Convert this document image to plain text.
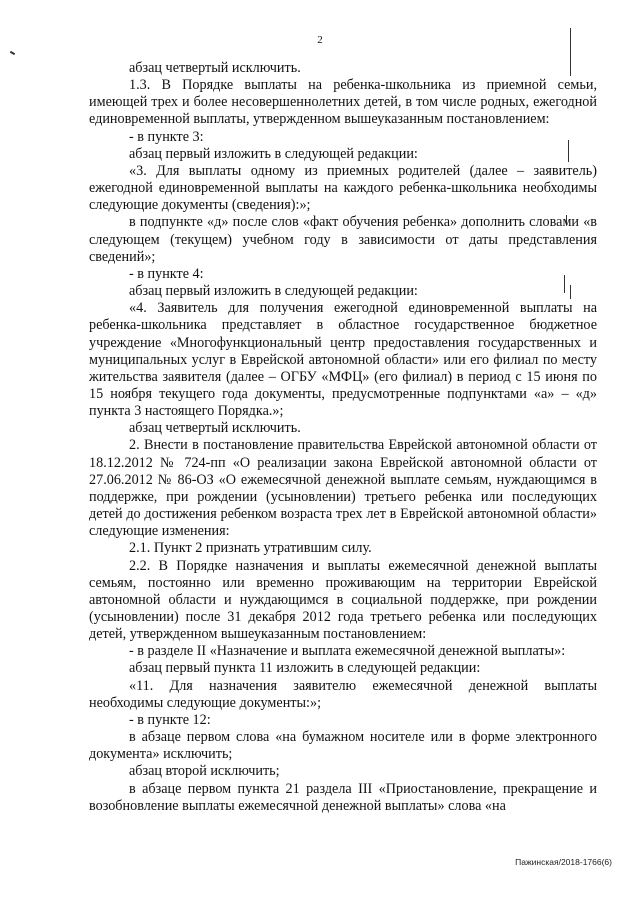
2

абзац четвертый исключить.

1.3. В Порядке выплаты на ребенка-школьника из приемной семьи, имеющей трех и более несовершеннолетних детей, в том числе родных, ежегодной единовременной выплаты, утвержденном вышеуказанным постановлением:

- в пункте 3:

абзац первый изложить в следующей редакции:

«3. Для выплаты одному из приемных родителей (далее – заявитель) ежегодной единовременной выплаты на каждого ребенка-школьника необходимы следующие документы (сведения):»;

в подпункте «д» после слов «факт обучения ребенка» дополнить словами «в следующем (текущем) учебном году в зависимости от даты представления сведений»;

- в пункте 4:

абзац первый изложить в следующей редакции:

«4. Заявитель для получения ежегодной единовременной выплаты на ребенка-школьника представляет в областное государственное бюджетное учреждение «Многофункциональный центр предоставления государственных и муниципальных услуг в Еврейской автономной области» или его филиал по месту жительства заявителя (далее – ОГБУ «МФЦ» (его филиал) в период с 15 июня по 15 ноября текущего года документы, предусмотренные подпунктами «а» – «д» пункта 3 настоящего Порядка.»;

абзац четвертый исключить.

2. Внести в постановление правительства Еврейской автономной области от 18.12.2012 № 724-пп «О реализации закона Еврейской автономной области от 27.06.2012 № 86-ОЗ «О ежемесячной денежной выплате семьям, нуждающимся в поддержке, при рождении (усыновлении) третьего ребенка или последующих детей до достижения ребенком возраста трех лет в Еврейской автономной области» следующие изменения:

2.1. Пункт 2 признать утратившим силу.

2.2. В Порядке назначения и выплаты ежемесячной денежной выплаты семьям, постоянно или временно проживающим на территории Еврейской автономной области и нуждающимся в социальной поддержке, при рождении (усыновлении) после 31 декабря 2012 года третьего ребенка или последующих детей, утвержденном вышеуказанным постановлением:

- в разделе II «Назначение и выплата ежемесячной денежной выплаты»:

абзац первый пункта 11 изложить в следующей редакции:

«11. Для назначения заявителю ежемесячной денежной выплаты необходимы следующие документы:»;

- в пункте 12:

в абзаце первом слова «на бумажном носителе или в форме электронного документа» исключить;

абзац второй исключить;

в абзаце первом пункта 21 раздела III «Приостановление, прекращение и возобновление выплаты ежемесячной денежной выплаты» слова «на

Пажинская/2018-1766(6)
